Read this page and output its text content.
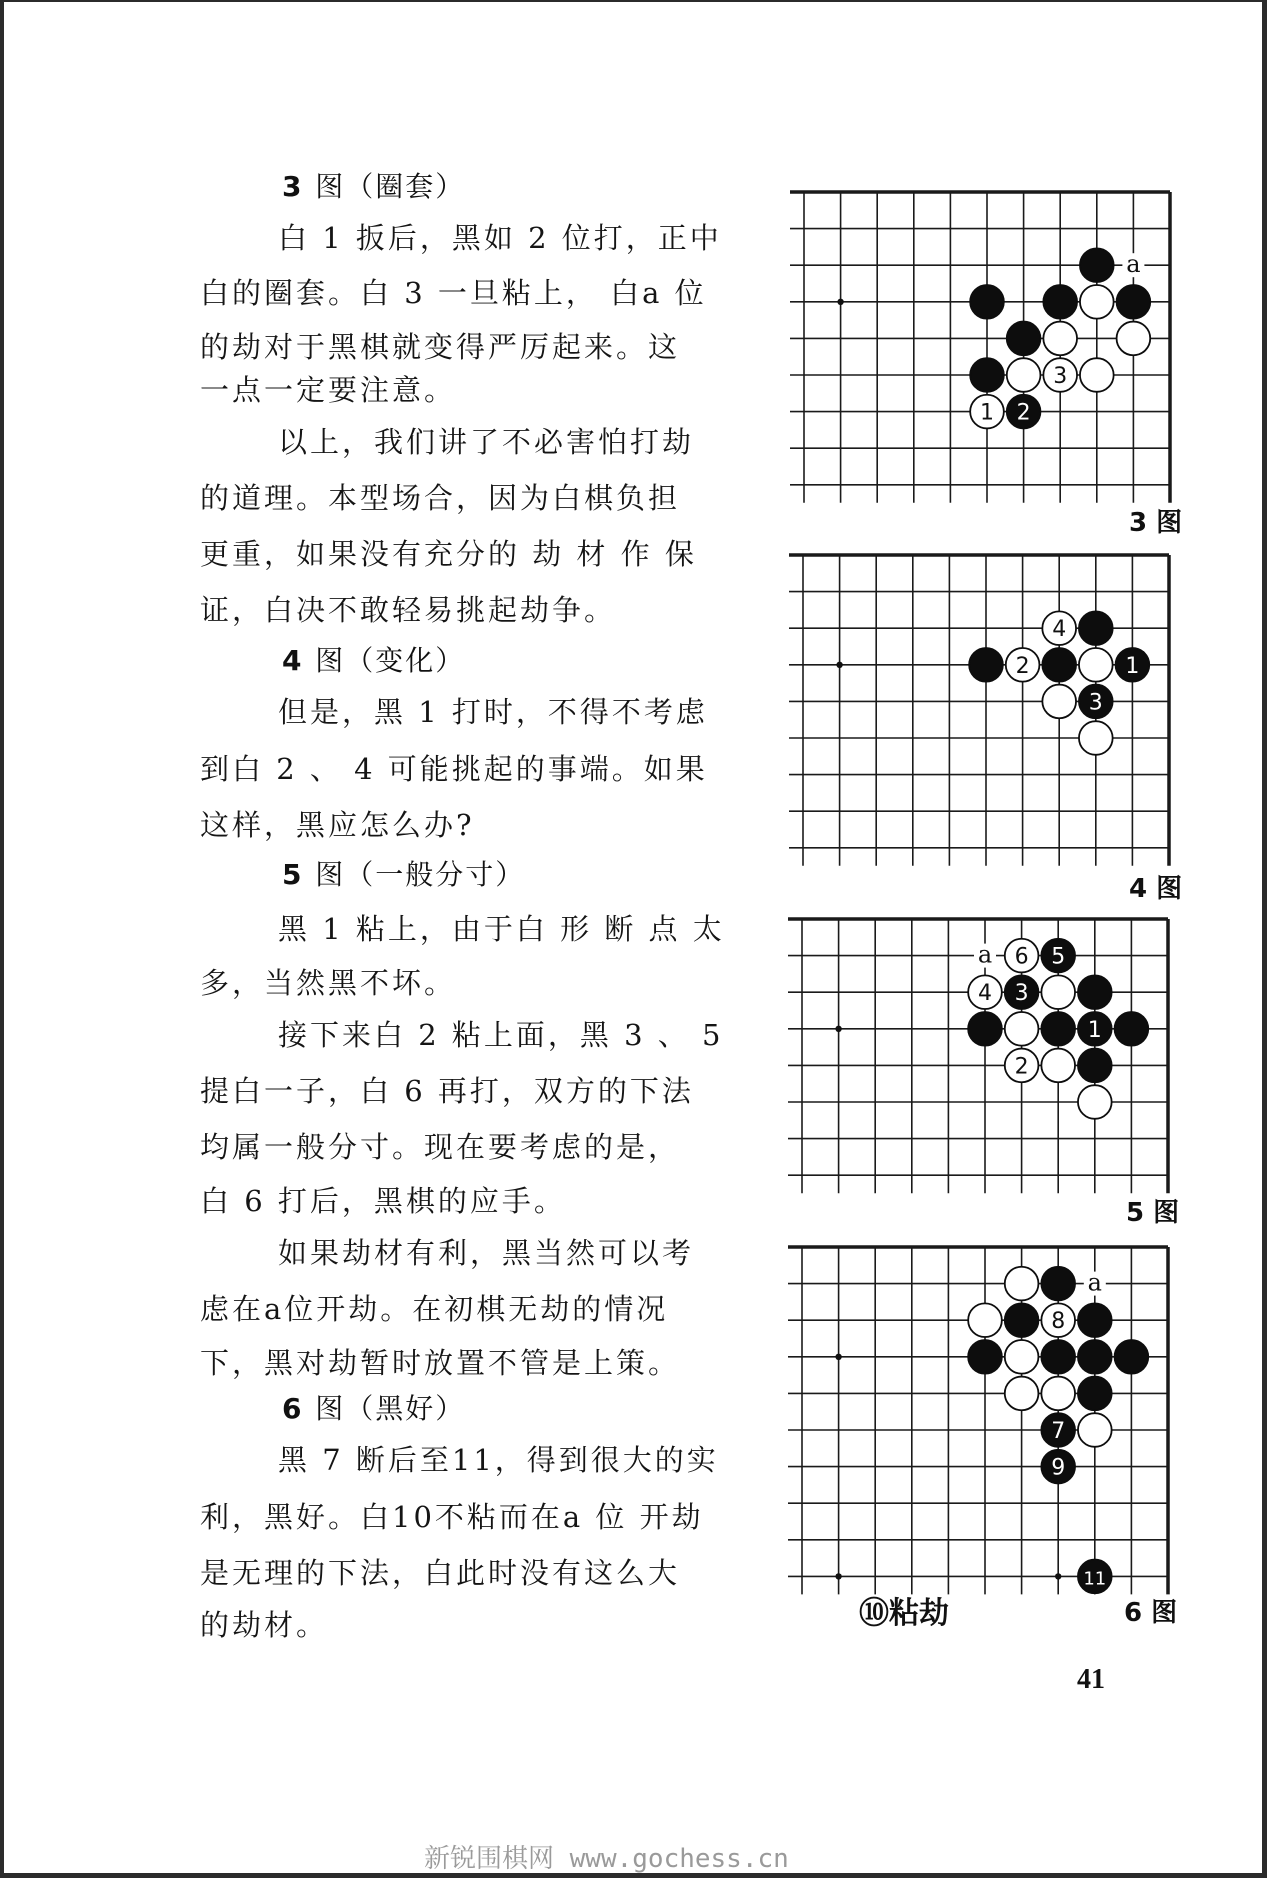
3 图（圈套）
白 1 扳后，黑如 2 位打，正中
白的圈套。白 3 一旦粘上， 白a 位
的劫对于黑棋就变得严厉起来。这
一点一定要注意。
以上，我们讲了不必害怕打劫
的道理。本型场合，因为白棋负担
更重，如果没有充分的 劫 材 作 保
证，白决不敢轻易挑起劫争。
4 图（变化）
但是，黑 1 打时，不得不考虑
到白 2 、 4 可能挑起的事端。如果
这样，黑应怎么办?
5 图（一般分寸）
黑 1 粘上，由于白 形 断 点 太
多，当然黑不坏。
接下来白 2 粘上面，黑 3 、 5
提白一子，白 6 再打，双方的下法
均属一般分寸。现在要考虑的是，
白 6 打后，黑棋的应手。
如果劫材有利，黑当然可以考
虑在a位开劫。在初棋无劫的情况
下，黑对劫暂时放置不管是上策。
6 图（黑好）
黑 7 断后至11，得到很大的实
利，黑好。白10不粘而在a 位 开劫
是无理的下法，白此时没有这么大
的劫材。
a
3
1 2
3 图
4
2	1
3
4 图
a 6 5
4 3
1
2
5 图
a
8
7
9
11
6 图
⑩粘劫
41
新锐围棋网 www.gochess.cn
